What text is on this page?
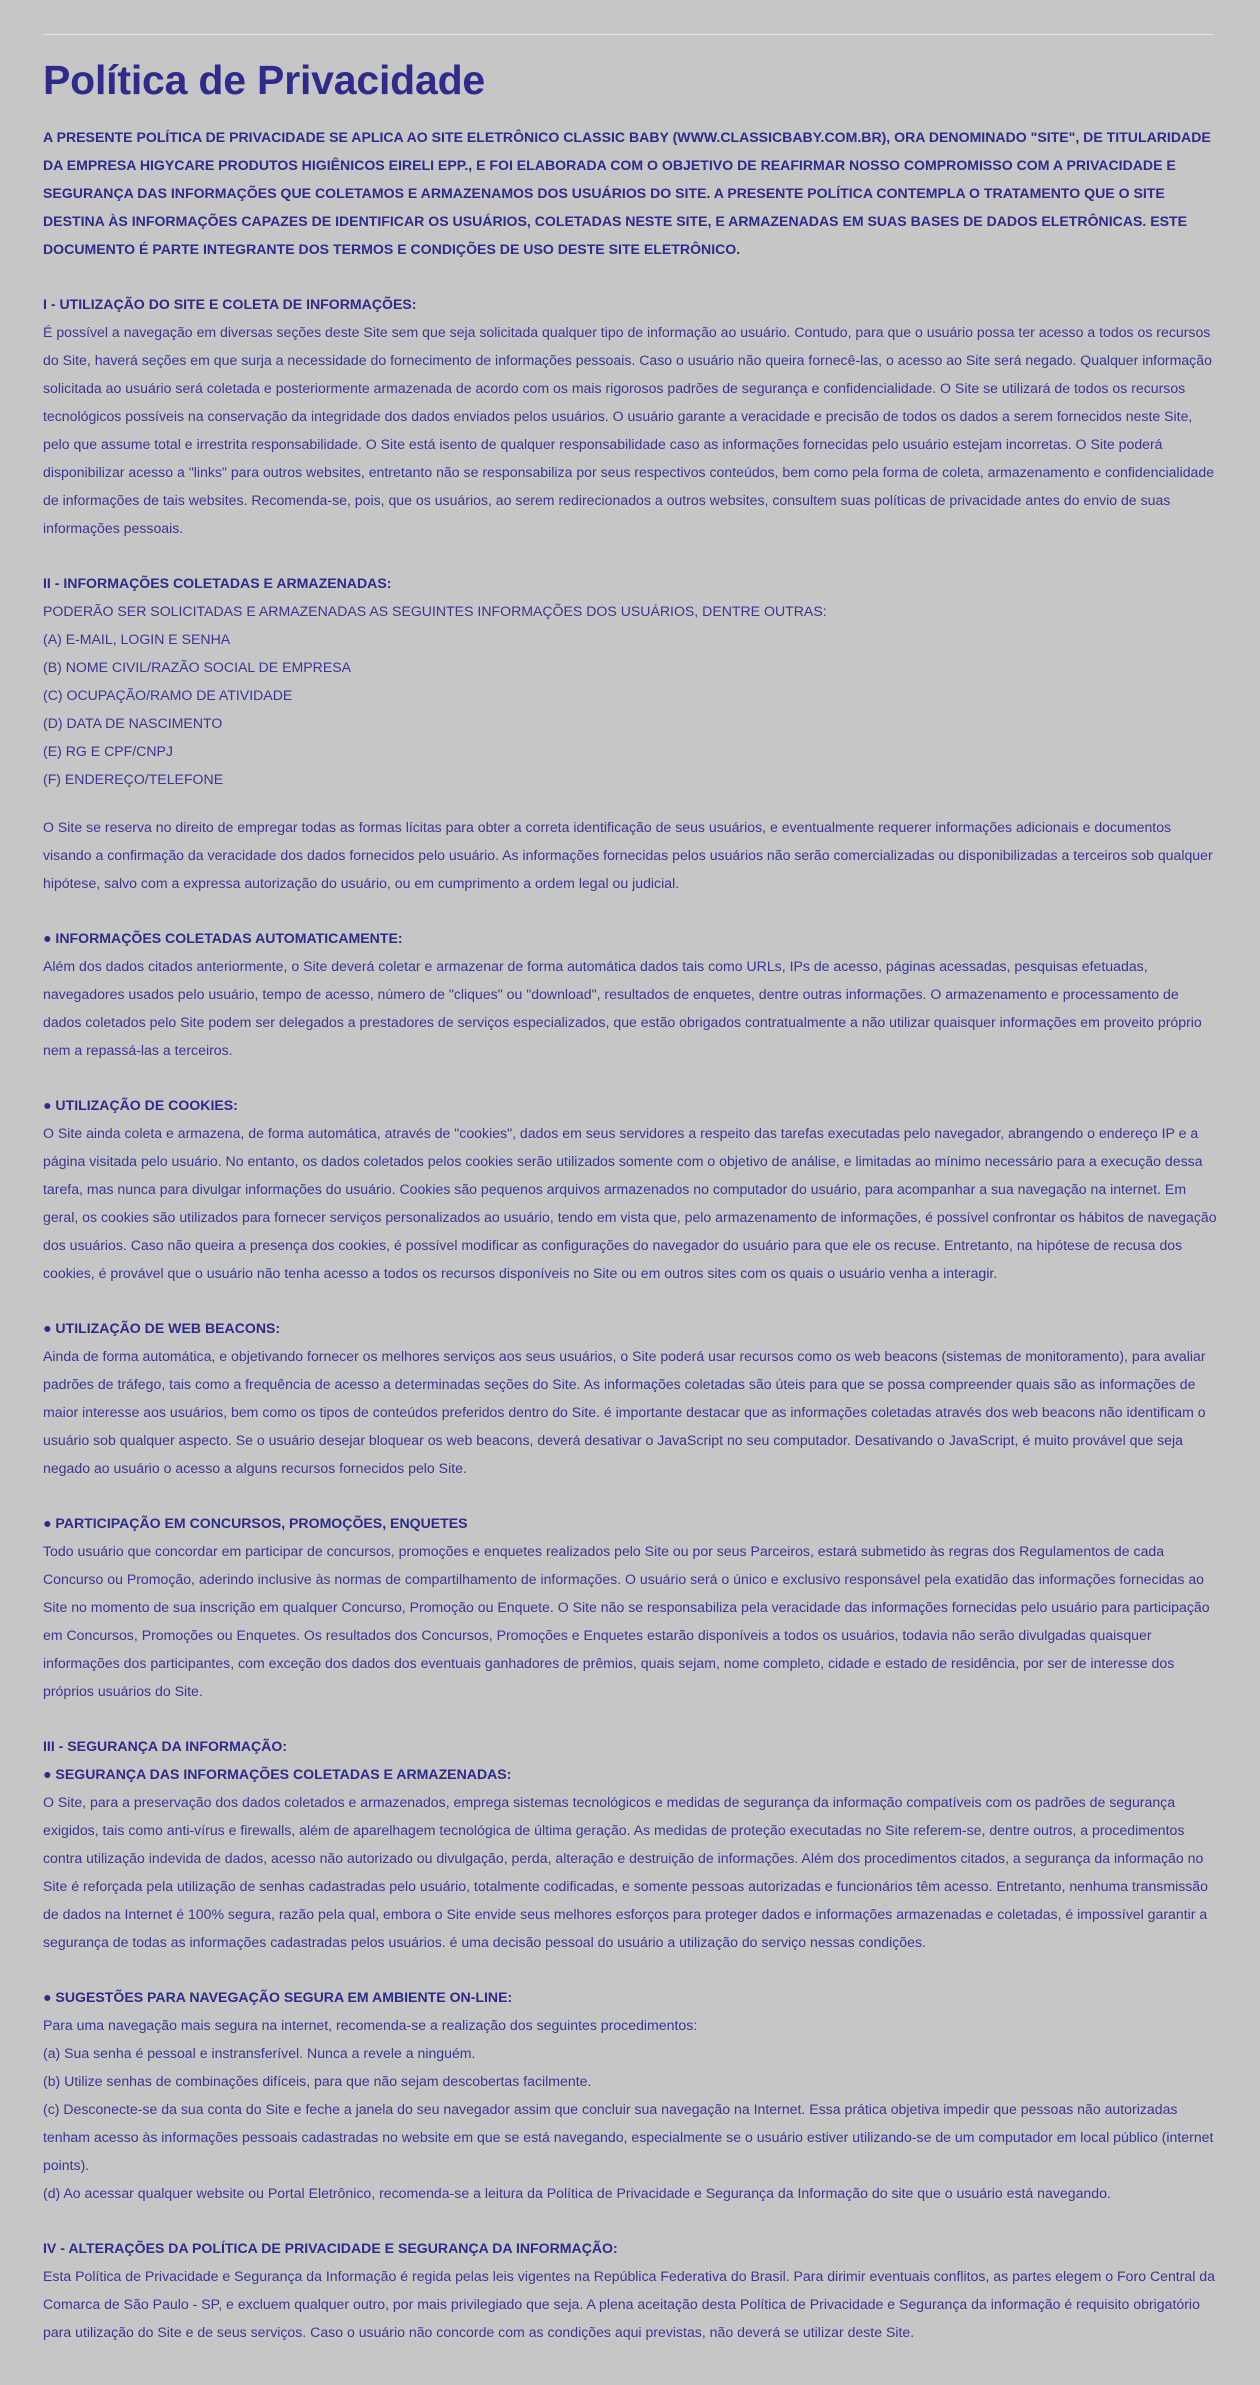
Política de Privacidade

A PRESENTE POLÍTICA DE PRIVACIDADE SE APLICA AO SITE ELETRÔNICO CLASSIC BABY (WWW.CLASSICBABY.COM.BR), ORA DENOMINADO "SITE", DE TITULARIDADE DA EMPRESA HIGYCARE PRODUTOS HIGIÊNICOS EIRELI EPP., E FOI ELABORADA COM O OBJETIVO DE REAFIRMAR NOSSO COMPROMISSO COM A PRIVACIDADE E SEGURANÇA DAS INFORMAÇÕES QUE COLETAMOS E ARMAZENAMOS DOS USUÁRIOS DO SITE. A PRESENTE POLÍTICA CONTEMPLA O TRATAMENTO QUE O SITE DESTINA ÀS INFORMAÇÕES CAPAZES DE IDENTIFICAR OS USUÁRIOS, COLETADAS NESTE SITE, E ARMAZENADAS EM SUAS BASES DE DADOS ELETRÔNICAS. ESTE DOCUMENTO É PARTE INTEGRANTE DOS TERMOS E CONDIÇÕES DE USO DESTE SITE ELETRÔNICO.

I - UTILIZAÇÃO DO SITE E COLETA DE INFORMAÇÕES:

É possível a navegação em diversas seções deste Site sem que seja solicitada qualquer tipo de informação ao usuário. Contudo, para que o usuário possa ter acesso a todos os recursos do Site, haverá seções em que surja a necessidade do fornecimento de informações pessoais. Caso o usuário não queira fornecê-las, o acesso ao Site será negado. Qualquer informação solicitada ao usuário será coletada e posteriormente armazenada de acordo com os mais rigorosos padrões de segurança e confidencialidade. O Site se utilizará de todos os recursos tecnológicos possíveis na conservação da integridade dos dados enviados pelos usuários. O usuário garante a veracidade e precisão de todos os dados a serem fornecidos neste Site, pelo que assume total e irrestrita responsabilidade. O Site está isento de qualquer responsabilidade caso as informações fornecidas pelo usuário estejam incorretas. O Site poderá disponibilizar acesso a "links" para outros websites, entretanto não se responsabiliza por seus respectivos conteúdos, bem como pela forma de coleta, armazenamento e confidencialidade de informações de tais websites. Recomenda-se, pois, que os usuários, ao serem redirecionados a outros websites, consultem suas políticas de privacidade antes do envio de suas informações pessoais.

II - INFORMAÇÕES COLETADAS E ARMAZENADAS:

PODERÃO SER SOLICITADAS E ARMAZENADAS AS SEGUINTES INFORMAÇÕES DOS USUÁRIOS, DENTRE OUTRAS:
(A) E-MAIL, LOGIN E SENHA
(B) NOME CIVIL/RAZÃO SOCIAL DE EMPRESA
(C) OCUPAÇÃO/RAMO DE ATIVIDADE
(D) DATA DE NASCIMENTO
(E) RG E CPF/CNPJ
(F) ENDEREÇO/TELEFONE

O Site se reserva no direito de empregar todas as formas lícitas para obter a correta identificação de seus usuários, e eventualmente requerer informações adicionais e documentos visando a confirmação da veracidade dos dados fornecidos pelo usuário. As informações fornecidas pelos usuários não serão comercializadas ou disponibilizadas a terceiros sob qualquer hipótese, salvo com a expressa autorização do usuário, ou em cumprimento a ordem legal ou judicial.

● INFORMAÇÕES COLETADAS AUTOMATICAMENTE:

Além dos dados citados anteriormente, o Site deverá coletar e armazenar de forma automática dados tais como URLs, IPs de acesso, páginas acessadas, pesquisas efetuadas, navegadores usados pelo usuário, tempo de acesso, número de "cliques" ou "download", resultados de enquetes, dentre outras informações. O armazenamento e processamento de dados coletados pelo Site podem ser delegados a prestadores de serviços especializados, que estão obrigados contratualmente a não utilizar quaisquer informações em proveito próprio nem a repassá-las a terceiros.

● UTILIZAÇÃO DE COOKIES:

O Site ainda coleta e armazena, de forma automática, através de "cookies", dados em seus servidores a respeito das tarefas executadas pelo navegador, abrangendo o endereço IP e a página visitada pelo usuário. No entanto, os dados coletados pelos cookies serão utilizados somente com o objetivo de análise, e limitadas ao mínimo necessário para a execução dessa tarefa, mas nunca para divulgar informações do usuário. Cookies são pequenos arquivos armazenados no computador do usuário, para acompanhar a sua navegação na internet. Em geral, os cookies são utilizados para fornecer serviços personalizados ao usuário, tendo em vista que, pelo armazenamento de informações, é possível confrontar os hábitos de navegação dos usuários. Caso não queira a presença dos cookies, é possível modificar as configurações do navegador do usuário para que ele os recuse. Entretanto, na hipótese de recusa dos cookies, é provável que o usuário não tenha acesso a todos os recursos disponíveis no Site ou em outros sites com os quais o usuário venha a interagir.

● UTILIZAÇÃO DE WEB BEACONS:

Ainda de forma automática, e objetivando fornecer os melhores serviços aos seus usuários, o Site poderá usar recursos como os web beacons (sistemas de monitoramento), para avaliar padrões de tráfego, tais como a frequência de acesso a determinadas seções do Site. As informações coletadas são úteis para que se possa compreender quais são as informações de maior interesse aos usuários, bem como os tipos de conteúdos preferidos dentro do Site. é importante destacar que as informações coletadas através dos web beacons não identificam o usuário sob qualquer aspecto. Se o usuário desejar bloquear os web beacons, deverá desativar o JavaScript no seu computador. Desativando o JavaScript, é muito provável que seja negado ao usuário o acesso a alguns recursos fornecidos pelo Site.

● PARTICIPAÇÃO EM CONCURSOS, PROMOÇÕES, ENQUETES

Todo usuário que concordar em participar de concursos, promoções e enquetes realizados pelo Site ou por seus Parceiros, estará submetido às regras dos Regulamentos de cada Concurso ou Promoção, aderindo inclusive às normas de compartilhamento de informações. O usuário será o único e exclusivo responsável pela exatidão das informações fornecidas ao Site no momento de sua inscrição em qualquer Concurso, Promoção ou Enquete. O Site não se responsabiliza pela veracidade das informações fornecidas pelo usuário para participação em Concursos, Promoções ou Enquetes. Os resultados dos Concursos, Promoções e Enquetes estarão disponíveis a todos os usuários, todavia não serão divulgadas quaisquer informações dos participantes, com exceção dos dados dos eventuais ganhadores de prêmios, quais sejam, nome completo, cidade e estado de residência, por ser de interesse dos próprios usuários do Site.

III - SEGURANÇA DA INFORMAÇÃO:

● SEGURANÇA DAS INFORMAÇÕES COLETADAS E ARMAZENADAS:

O Site, para a preservação dos dados coletados e armazenados, emprega sistemas tecnológicos e medidas de segurança da informação compatíveis com os padrões de segurança exigidos, tais como anti-vírus e firewalls, além de aparelhagem tecnológica de última geração. As medidas de proteção executadas no Site referem-se, dentre outros, a procedimentos contra utilização indevida de dados, acesso não autorizado ou divulgação, perda, alteração e destruição de informações. Além dos procedimentos citados, a segurança da informação no Site é reforçada pela utilização de senhas cadastradas pelo usuário, totalmente codificadas, e somente pessoas autorizadas e funcionários têm acesso. Entretanto, nenhuma transmissão de dados na Internet é 100% segura, razão pela qual, embora o Site envide seus melhores esforços para proteger dados e informações armazenadas e coletadas, é impossível garantir a segurança de todas as informações cadastradas pelos usuários. é uma decisão pessoal do usuário a utilização do serviço nessas condições.

● SUGESTÕES PARA NAVEGAÇÃO SEGURA EM AMBIENTE ON-LINE:

Para uma navegação mais segura na internet, recomenda-se a realização dos seguintes procedimentos:
(a) Sua senha é pessoal e instransferível. Nunca a revele a ninguém.
(b) Utilize senhas de combinações difíceis, para que não sejam descobertas facilmente.
(c) Desconecte-se da sua conta do Site e feche a janela do seu navegador assim que concluir sua navegação na Internet. Essa prática objetiva impedir que pessoas não autorizadas tenham acesso às informações pessoais cadastradas no website em que se está navegando, especialmente se o usuário estiver utilizando-se de um computador em local público (internet points).
(d) Ao acessar qualquer website ou Portal Eletrônico, recomenda-se a leitura da Política de Privacidade e Segurança da Informação do site que o usuário está navegando.

IV - ALTERAÇÕES DA POLÍTICA DE PRIVACIDADE E SEGURANÇA DA INFORMAÇÃO:

Esta Política de Privacidade e Segurança da Informação é regida pelas leis vigentes na República Federativa do Brasil. Para dirimir eventuais conflitos, as partes elegem o Foro Central da Comarca de São Paulo - SP, e excluem qualquer outro, por mais privilegiado que seja. A plena aceitação desta Política de Privacidade e Segurança da informação é requisito obrigatório para utilização do Site e de seus serviços. Caso o usuário não concorde com as condições aqui previstas, não deverá se utilizar deste Site.
